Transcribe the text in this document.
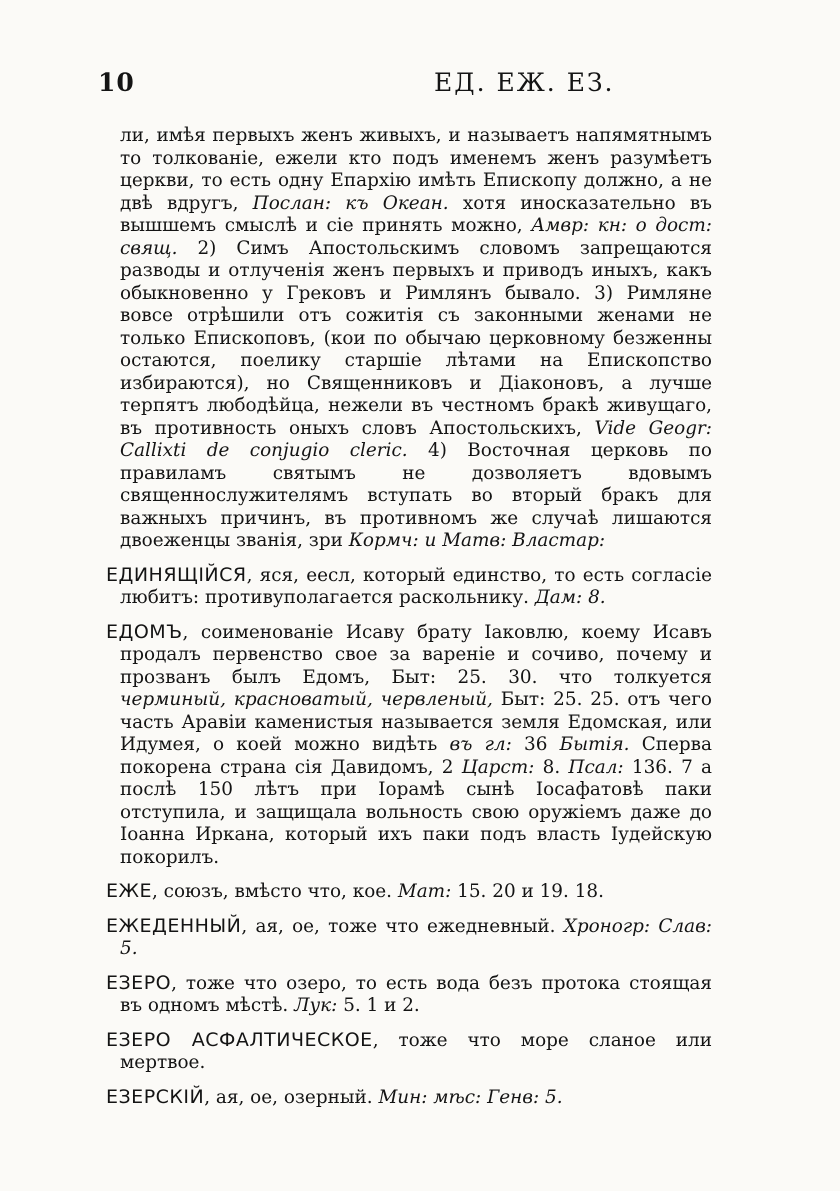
10	ЕД. ЕЖ. ЕЗ.

ли, имѣя первыхъ женъ живыхъ, и называетъ напямятнымъ то толкованіе, ежели кто подъ именемъ женъ разумѣетъ церкви, то есть одну Епархію имѣть Епископу должно, а не двѣ вдругъ, Послан: къ Океан. хотя иносказательно въ вышшемъ смыслѣ и сіе принять можно, Амвр: кн: о дост: свящ. 2) Симъ Апостольскимъ словомъ запрещаются разводы и отлученія женъ первыхъ и приводъ иныхъ, какъ обыкновенно у Грековъ и Римлянъ бывало. 3) Римляне вовсе отрѣшили отъ сожитія съ законными женами не только Епископовъ, (кои по обычаю церковному безженны остаются, поелику старшіе лѣтами на Епископство избираются), но Священниковъ и Діаконовъ, а лучше терпятъ любодѣйца, нежели въ честномъ бракѣ живущаго, въ противность оныхъ словъ Апостольскихъ, Vide Geogr: Callixti de conjugio cleric. 4) Восточная церковь по правиламъ святымъ не дозволяетъ вдовымъ священнослужителямъ вступать во вторый бракъ для важныхъ причинъ, въ противномъ же случаѣ лишаются двоеженцы званія, зри Кормч: и Матв: Властар:

ЕДИНЯЩІЙСЯ, яся, еесл, который единство, то есть согласіе любитъ: противуполагается раскольнику. Дам: 8.

ЕДОМЪ, соименованіе Исаву брату Іаковлю, коему Исавъ продалъ первенство свое за вареніе и сочиво, почему и прозванъ былъ Едомъ, Быт: 25. 30. что толкуется черминый, красноватый, червленый, Быт: 25. 25. отъ чего часть Аравіи каменистыя называется земля Едомская, или Идумея, о коей можно видѣть въ гл: 36 Бытія. Сперва покорена страна сія Давидомъ, 2 Царст: 8. Псал: 136. 7 а послѣ 150 лѣтъ при Іорамѣ сынѣ Іосафатовѣ паки отступила, и защищала вольность свою оружіемъ даже до Іоанна Иркана, который ихъ паки подъ власть Іудейскую покорилъ.

ЕЖЕ, союзъ, вмѣсто что, кое. Мат: 15. 20 и 19. 18.

ЕЖЕДЕННЫЙ, ая, ое, тоже что ежедневный. Хроногр: Слав: 5.

ЕЗЕРО, тоже что озеро, то есть вода безъ протока стоящая въ одномъ мѣстѣ. Лук: 5. 1 и 2.

ЕЗЕРО АСФАЛТИЧЕСКОЕ, тоже что море сланое или мертвое.

ЕЗЕРСКІЙ, ая, ое, озерный. Мин: мѣс: Генв: 5.
